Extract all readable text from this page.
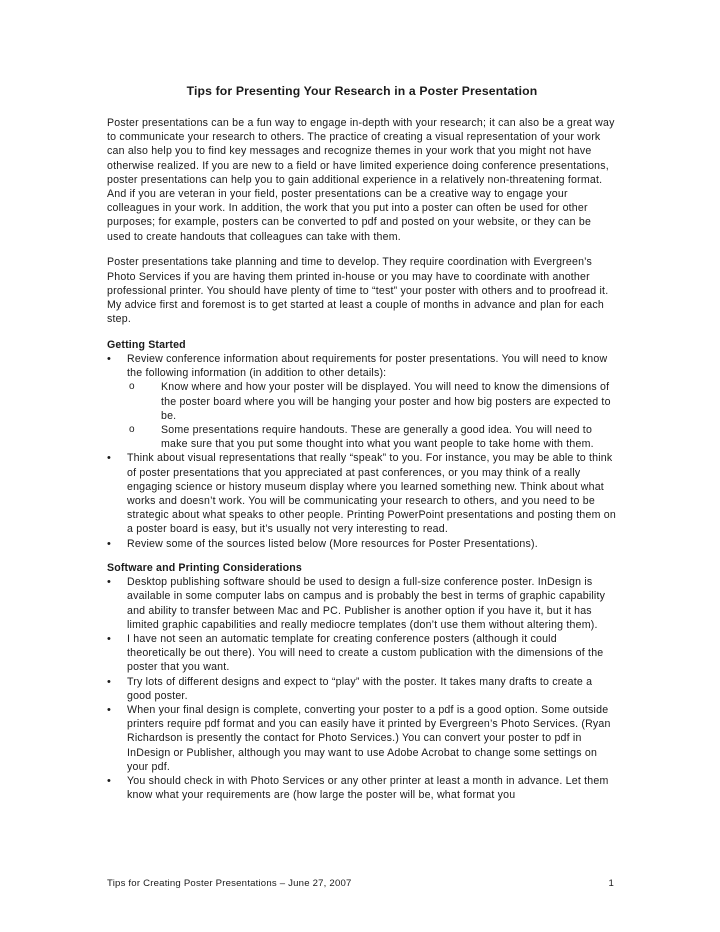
Tips for Presenting Your Research in a Poster Presentation

Poster presentations can be a fun way to engage in-depth with your research; it can also be a great way to communicate your research to others. The practice of creating a visual representation of your work can also help you to find key messages and recognize themes in your work that you might not have otherwise realized. If you are new to a field or have limited experience doing conference presentations, poster presentations can help you to gain additional experience in a relatively non-threatening format. And if you are veteran in your field, poster presentations can be a creative way to engage your colleagues in your work. In addition, the work that you put into a poster can often be used for other purposes; for example, posters can be converted to pdf and posted on your website, or they can be used to create handouts that colleagues can take with them.

Poster presentations take planning and time to develop. They require coordination with Evergreen’s Photo Services if you are having them printed in-house or you may have to coordinate with another professional printer. You should have plenty of time to “test” your poster with others and to proofread it. My advice first and foremost is to get started at least a couple of months in advance and plan for each step.

Getting Started
• Review conference information about requirements for poster presentations. You will need to know the following information (in addition to other details):
o Know where and how your poster will be displayed. You will need to know the dimensions of the poster board where you will be hanging your poster and how big posters are expected to be.
o Some presentations require handouts. These are generally a good idea. You will need to make sure that you put some thought into what you want people to take home with them.
• Think about visual representations that really “speak” to you. For instance, you may be able to think of poster presentations that you appreciated at past conferences, or you may think of a really engaging science or history museum display where you learned something new. Think about what works and doesn’t work. You will be communicating your research to others, and you need to be strategic about what speaks to other people. Printing PowerPoint presentations and posting them on a poster board is easy, but it’s usually not very interesting to read.
• Review some of the sources listed below (More resources for Poster Presentations).
Software and Printing Considerations
• Desktop publishing software should be used to design a full-size conference poster. InDesign is available in some computer labs on campus and is probably the best in terms of graphic capability and ability to transfer between Mac and PC. Publisher is another option if you have it, but it has limited graphic capabilities and really mediocre templates (don’t use them without altering them).
• I have not seen an automatic template for creating conference posters (although it could theoretically be out there). You will need to create a custom publication with the dimensions of the poster that you want.
• Try lots of different designs and expect to “play” with the poster. It takes many drafts to create a good poster.
• When your final design is complete, converting your poster to a pdf is a good option. Some outside printers require pdf format and you can easily have it printed by Evergreen’s Photo Services. (Ryan Richardson is presently the contact for Photo Services.) You can convert your poster to pdf in InDesign or Publisher, although you may want to use Adobe Acrobat to change some settings on your pdf.
• You should check in with Photo Services or any other printer at least a month in advance. Let them know what your requirements are (how large the poster will be, what format you
Tips for Creating Poster Presentations – June 27, 2007	1
